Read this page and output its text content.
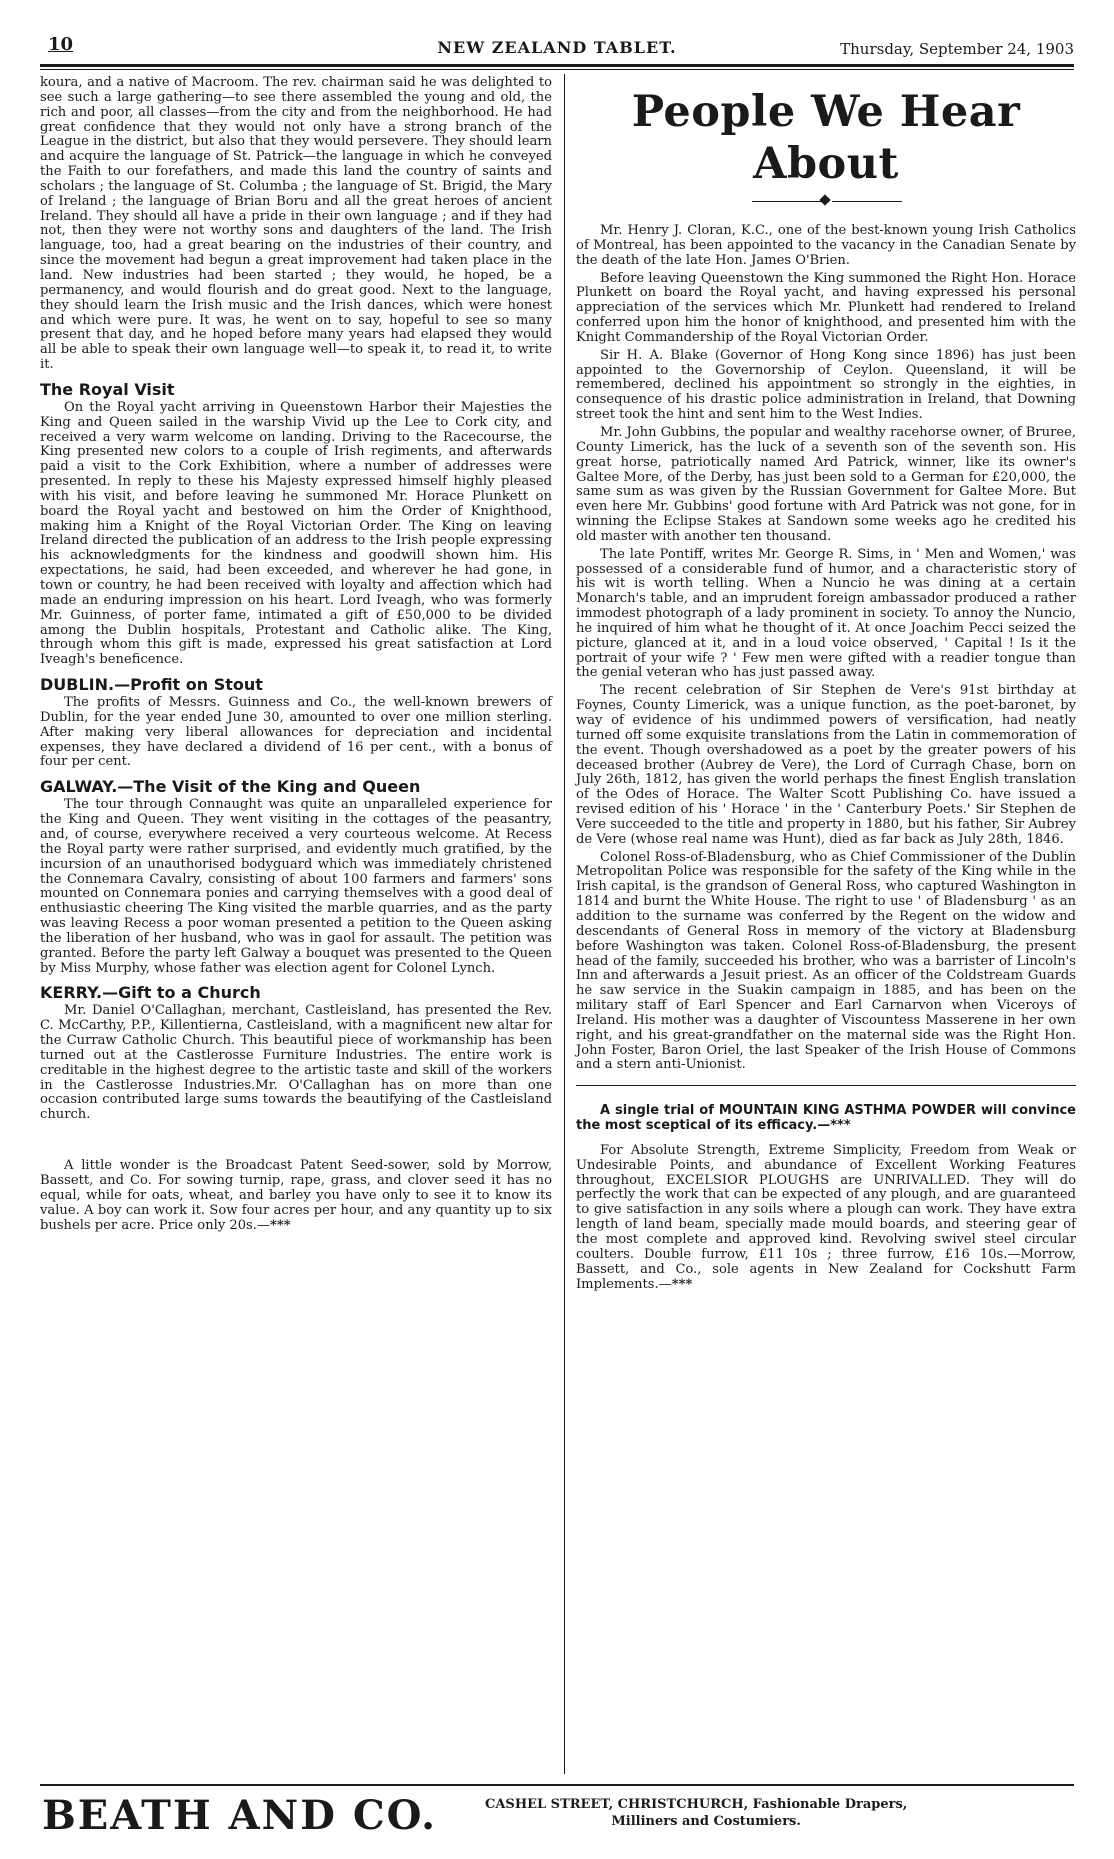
10	NEW ZEALAND TABLET.	Thursday, September 24, 1903

koura, and a native of Macroom. The rev. chairman said he was delighted to see such a large gathering—to see there assembled the young and old, the rich and poor, all classes—from the city and from the neighborhood. He had great confidence that they would not only have a strong branch of the League in the district, but also that they would persevere. They should learn and acquire the language of St. Patrick—the language in which he conveyed the Faith to our forefathers, and made this land the country of saints and scholars ; the language of St. Columba ; the language of St. Brigid, the Mary of Ireland ; the language of Brian Boru and all the great heroes of ancient Ireland. They should all have a pride in their own language ; and if they had not, then they were not worthy sons and daughters of the land. The Irish language, too, had a great bearing on the industries of their country, and since the movement had begun a great improvement had taken place in the land. New industries had been started ; they would, he hoped, be a permanency, and would flourish and do great good. Next to the language, they should learn the Irish music and the Irish dances, which were honest and which were pure. It was, he went on to say, hopeful to see so many present that day, and he hoped before many years had elapsed they would all be able to speak their own language well—to speak it, to read it, to write it.

The Royal Visit

On the Royal yacht arriving in Queenstown Harbor their Majesties the King and Queen sailed in the warship Vivid up the Lee to Cork city, and received a very warm welcome on landing. Driving to the Racecourse, the King presented new colors to a couple of Irish regiments, and afterwards paid a visit to the Cork Exhibition, where a number of addresses were presented. In reply to these his Majesty expressed himself highly pleased with his visit, and before leaving he summoned Mr. Horace Plunkett on board the Royal yacht and bestowed on him the Order of Knighthood, making him a Knight of the Royal Victorian Order. The King on leaving Ireland directed the publication of an address to the Irish people expressing his acknowledgments for the kindness and goodwill shown him. His expectations, he said, had been exceeded, and wherever he had gone, in town or country, he had been received with loyalty and affection which had made an enduring impression on his heart. Lord Iveagh, who was formerly Mr. Guinness, of porter fame, intimated a gift of £50,000 to be divided among the Dublin hospitals, Protestant and Catholic alike. The King, through whom this gift is made, expressed his great satisfaction at Lord Iveagh's beneficence.

DUBLIN.—Profit on Stout

The profits of Messrs. Guinness and Co., the well-known brewers of Dublin, for the year ended June 30, amounted to over one million sterling. After making very liberal allowances for depreciation and incidental expenses, they have declared a dividend of 16 per cent., with a bonus of four per cent.

GALWAY.—The Visit of the King and Queen

The tour through Connaught was quite an unparalleled experience for the King and Queen. They went visiting in the cottages of the peasantry, and, of course, everywhere received a very courteous welcome. At Recess the Royal party were rather surprised, and evidently much gratified, by the incursion of an unauthorised bodyguard which was immediately christened the Connemara Cavalry, consisting of about 100 farmers and farmers' sons mounted on Connemara ponies and carrying themselves with a good deal of enthusiastic cheering The King visited the marble quarries, and as the party was leaving Recess a poor woman presented a petition to the Queen asking the liberation of her husband, who was in gaol for assault. The petition was granted. Before the party left Galway a bouquet was presented to the Queen by Miss Murphy, whose father was election agent for Colonel Lynch.

KERRY.—Gift to a Church

Mr. Daniel O'Callaghan, merchant, Castleisland, has presented the Rev. C. McCarthy, P.P., Killentierna, Castleisland, with a magnificent new altar for the Curraw Catholic Church. This beautiful piece of workmanship has been turned out at the Castlerosse Furniture Industries. The entire work is creditable in the highest degree to the artistic taste and skill of the workers in the Castlerosse Industries.Mr. O'Callaghan has on more than one occasion contributed large sums towards the beautifying of the Castleisland church.

A little wonder is the Broadcast Patent Seed-sower, sold by Morrow, Bassett, and Co. For sowing turnip, rape, grass, and clover seed it has no equal, while for oats, wheat, and barley you have only to see it to know its value. A boy can work it. Sow four acres per hour, and any quantity up to six bushels per acre. Price only 20s.—***

People We Hear About

Mr. Henry J. Cloran, K.C., one of the best-known young Irish Catholics of Montreal, has been appointed to the vacancy in the Canadian Senate by the death of the late Hon. James O'Brien.

Before leaving Queenstown the King summoned the Right Hon. Horace Plunkett on board the Royal yacht, and having expressed his personal appreciation of the services which Mr. Plunkett had rendered to Ireland conferred upon him the honor of knighthood, and presented him with the Knight Commandership of the Royal Victorian Order.

Sir H. A. Blake (Governor of Hong Kong since 1896) has just been appointed to the Governorship of Ceylon. Queensland, it will be remembered, declined his appointment so strongly in the eighties, in consequence of his drastic police administration in Ireland, that Downing street took the hint and sent him to the West Indies.

Mr. John Gubbins, the popular and wealthy racehorse owner, of Bruree, County Limerick, has the luck of a seventh son of the seventh son. His great horse, patriotically named Ard Patrick, winner, like its owner's Galtee More, of the Derby, has just been sold to a German for £20,000, the same sum as was given by the Russian Government for Galtee More. But even here Mr. Gubbins' good fortune with Ard Patrick was not gone, for in winning the Eclipse Stakes at Sandown some weeks ago he credited his old master with another ten thousand.

The late Pontiff, writes Mr. George R. Sims, in ' Men and Women,' was possessed of a considerable fund of humor, and a characteristic story of his wit is worth telling. When a Nuncio he was dining at a certain Monarch's table, and an imprudent foreign ambassador produced a rather immodest photograph of a lady prominent in society. To annoy the Nuncio, he inquired of him what he thought of it. At once Joachim Pecci seized the picture, glanced at it, and in a loud voice observed, ' Capital ! Is it the portrait of your wife ? ' Few men were gifted with a readier tongue than the genial veteran who has just passed away.

The recent celebration of Sir Stephen de Vere's 91st birthday at Foynes, County Limerick, was a unique function, as the poet-baronet, by way of evidence of his undimmed powers of versification, had neatly turned off some exquisite translations from the Latin in commemoration of the event. Though overshadowed as a poet by the greater powers of his deceased brother (Aubrey de Vere), the Lord of Curragh Chase, born on July 26th, 1812, has given the world perhaps the finest English translation of the Odes of Horace. The Walter Scott Publishing Co. have issued a revised edition of his ' Horace ' in the ' Canterbury Poets.' Sir Stephen de Vere succeeded to the title and property in 1880, but his father, Sir Aubrey de Vere (whose real name was Hunt), died as far back as July 28th, 1846.

Colonel Ross-of-Bladensburg, who as Chief Commissioner of the Dublin Metropolitan Police was responsible for the safety of the King while in the Irish capital, is the grandson of General Ross, who captured Washington in 1814 and burnt the White House. The right to use ' of Bladensburg ' as an addition to the surname was conferred by the Regent on the widow and descendants of General Ross in memory of the victory at Bladensburg before Washington was taken. Colonel Ross-of-Bladensburg, the present head of the family, succeeded his brother, who was a barrister of Lincoln's Inn and afterwards a Jesuit priest. As an officer of the Coldstream Guards he saw service in the Suakin campaign in 1885, and has been on the military staff of Earl Spencer and Earl Carnarvon when Viceroys of Ireland. His mother was a daughter of Viscountess Masserene in her own right, and his great-grandfather on the maternal side was the Right Hon. John Foster, Baron Oriel, the last Speaker of the Irish House of Commons and a stern anti-Unionist.

A single trial of MOUNTAIN KING ASTHMA POWDER will convince the most sceptical of its efficacy.—***

For Absolute Strength, Extreme Simplicity, Freedom from Weak or Undesirable Points, and abundance of Excellent Working Features throughout, EXCELSIOR PLOUGHS are UNRIVALLED. They will do perfectly the work that can be expected of any plough, and are guaranteed to give satisfaction in any soils where a plough can work. They have extra length of land beam, specially made mould boards, and steering gear of the most complete and approved kind. Revolving swivel steel circular coulters. Double furrow, £11 10s ; three furrow, £16 10s.—Morrow, Bassett, and Co., sole agents in New Zealand for Cockshutt Farm Implements.—***

BEATH AND CO.	CASHEL STREET, CHRISTCHURCH, Fashionable Drapers,
Milliners and Costumiers.
